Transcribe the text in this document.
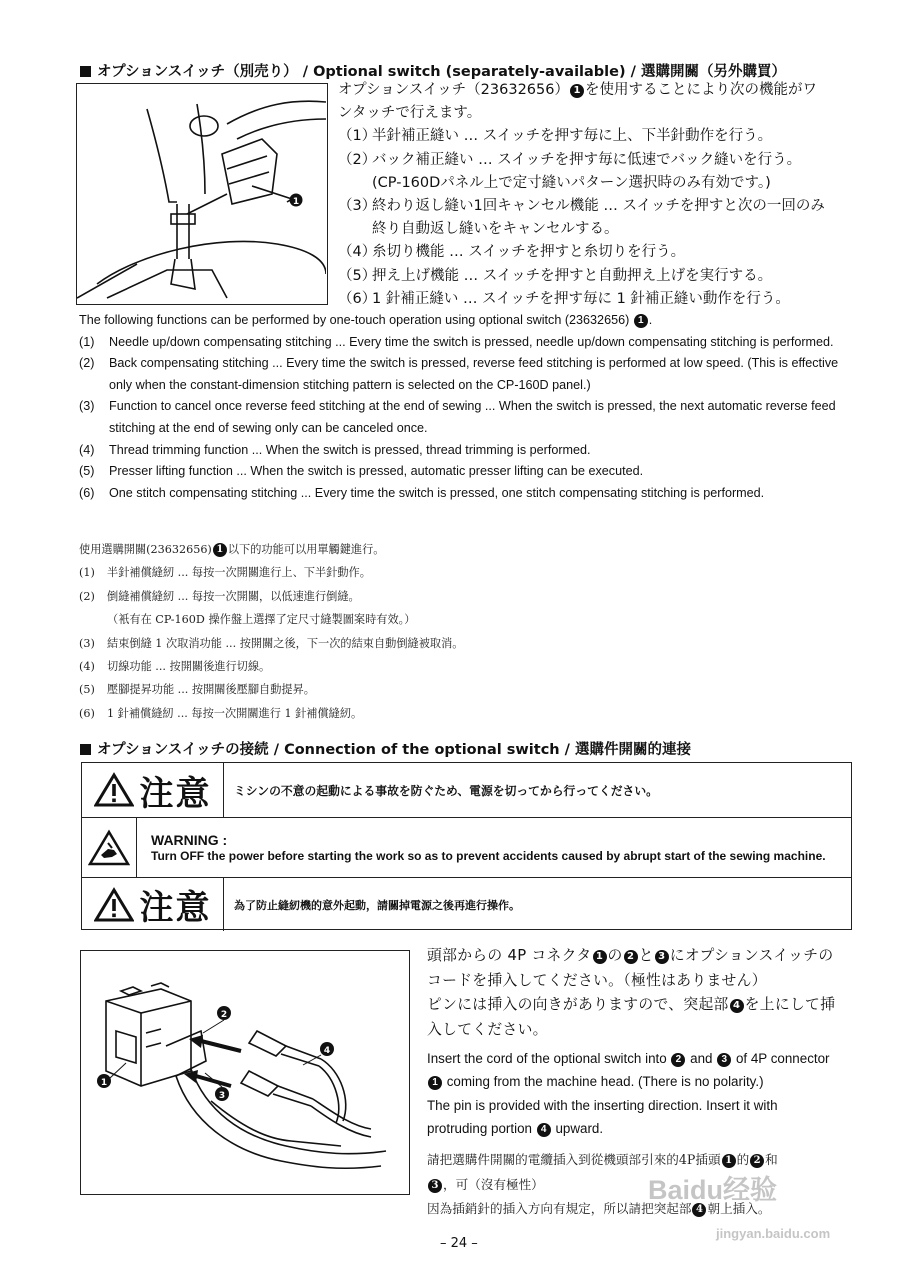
オプションスイッチ（別売り） / Optional switch (separately-available) / 選購開關（另外購買）
1
オプションスイッチ（23632656） 1 を使用することにより次の機能がワ
ンタッチで行えます。
（1）半針補正縫い … スイッチを押す毎に上、下半針動作を行う。
（2）バック補正縫い … スイッチを押す毎に低速でバック縫いを行う。
(CP-160Dパネル上で定寸縫いパターン選択時のみ有効です。)
（3）終わり返し縫い1回キャンセル機能 … スイッチを押すと次の一回のみ
終り自動返し縫いをキャンセルする。
（4）糸切り機能 … スイッチを押すと糸切りを行う。
（5）押え上げ機能 … スイッチを押すと自動押え上げを実行する。
（6）1 針補正縫い … スイッチを押す毎に 1 針補正縫い動作を行う。
The following functions can be performed by one-touch operation using optional switch (23632656) 1 .
(1) Needle up/down compensating stitching ... Every time the switch is pressed, needle up/down compensating stitching is performed.
(2) Back compensating stitching ... Every time the switch is pressed, reverse feed stitching is performed at low speed. (This is effective only when the constant-dimension stitching pattern is selected on the CP-160D panel.)
(3) Function to cancel once reverse feed stitching at the end of sewing ... When the switch is pressed, the next automatic reverse feed stitching at the end of sewing only can be canceled once.
(4) Thread trimming function ... When the switch is pressed, thread trimming is performed.
(5) Presser lifting function ... When the switch is pressed, automatic presser lifting can be executed.
(6) One stitch compensating stitching ... Every time the switch is pressed, one stitch compensating stitching is performed.
使用選購開關(23632656) 1 以下的功能可以用單觸鍵進行。
(1) 半針補償縫紉 ... 每按一次開關進行上、下半針動作。
(2) 倒縫補償縫紉 ... 每按一次開關，以低速進行倒縫。
（衹有在 CP-160D 操作盤上選擇了定尺寸縫製圖案時有效。）
(3) 結束倒縫 1 次取消功能 ... 按開關之後，下一次的結束自動倒縫被取消。
(4) 切線功能 ... 按開關後進行切線。
(5) 壓腳提昇功能 ... 按開關後壓腳自動提昇。
(6) 1 針補償縫紉 ... 每按一次開關進行 1 針補償縫紉。
オプションスイッチの接続 / Connection of the optional switch / 選購件開關的連接
注意	ミシンの不意の起動による事故を防ぐため、電源を切ってから行ってください。
WARNING :
Turn OFF the power before starting the work so as to prevent accidents caused by abrupt start of the sewing machine.
注意	為了防止縫紉機的意外起動，請關掉電源之後再進行操作。
2
3
4
1
頭部からの 4P コネクタ 1 の 2 と 3 にオプションスイッチの
コードを挿入してください。（極性はありません）
ピンには挿入の向きがありますので、突起部 4 を上にして挿
入してください。
Insert the cord of the optional switch into 2 and 3 of 4P connector
1 coming from the machine head. (There is no polarity.)
The pin is provided with the inserting direction. Insert it with
protruding portion 4 upward.
請把選購件開關的電纜插入到從機頭部引來的4P插頭 1 的 2 和
3 ，可（沒有極性）
因為插銷針的插入方向有規定，所以請把突起部 4 朝上插入。
Baidu经验
jingyan.baidu.com
– 24 –
